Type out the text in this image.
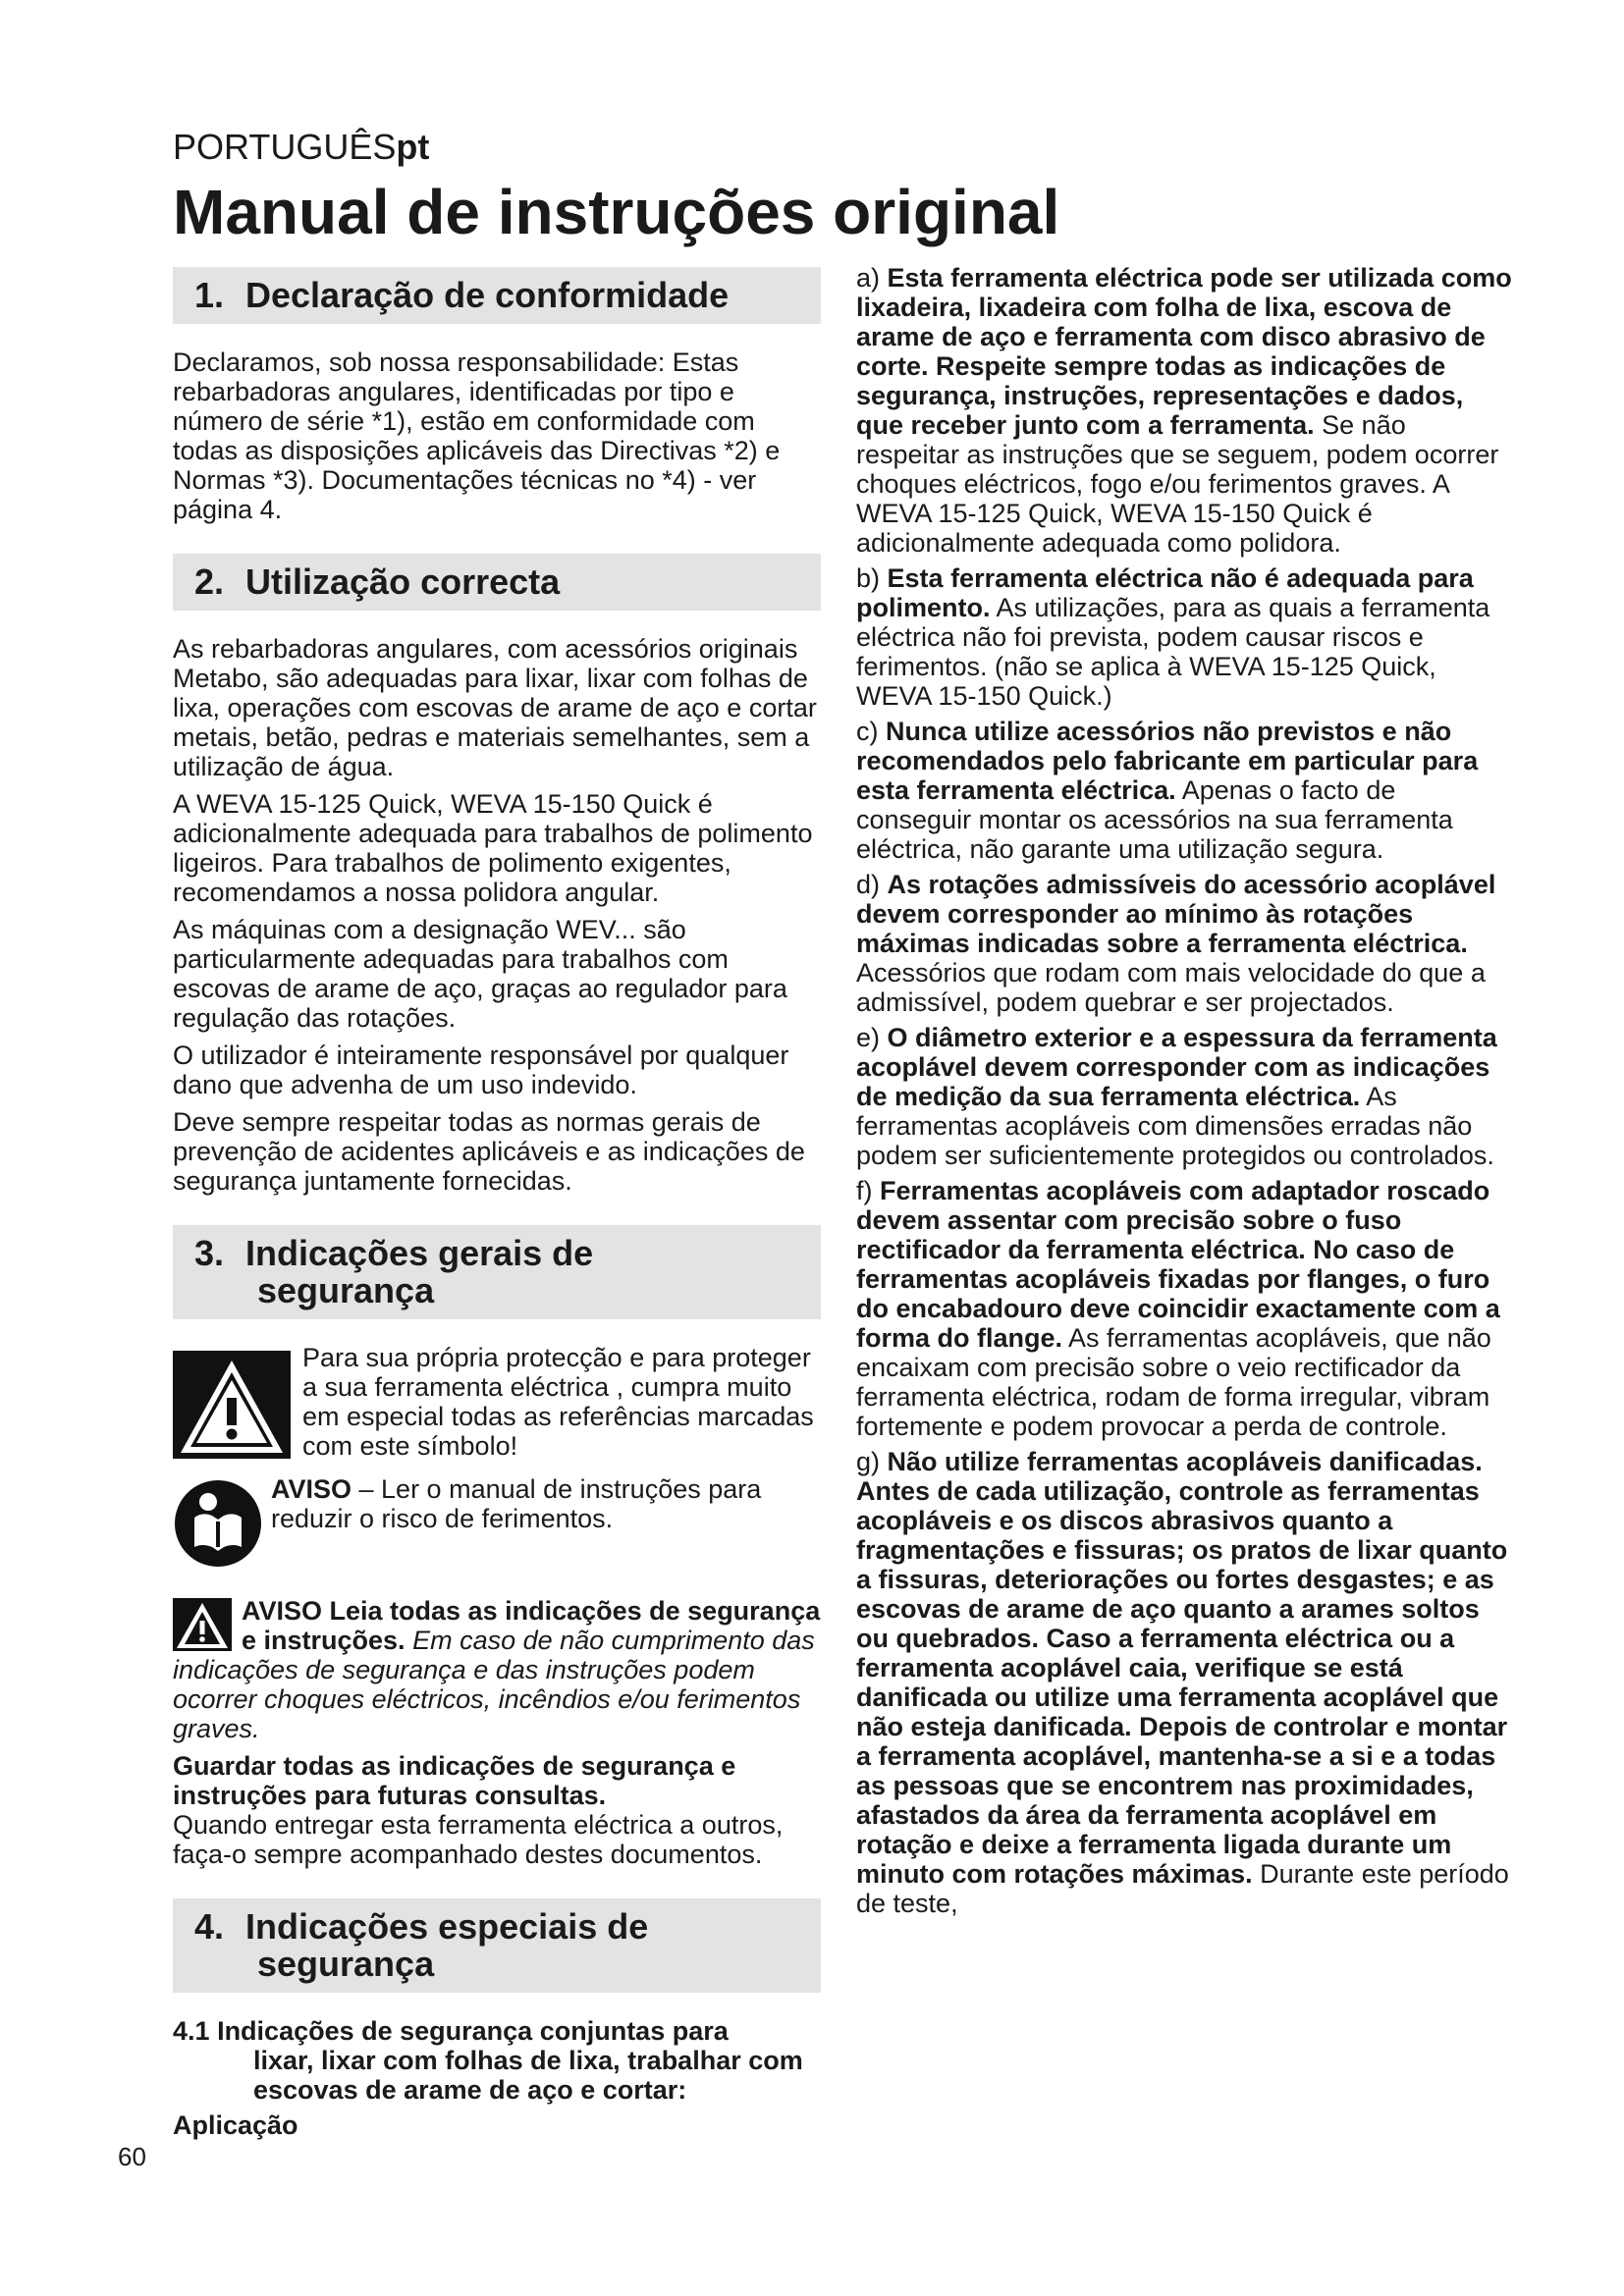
PORTUGUÊSpt
Manual de instruções original
1. Declaração de conformidade

Declaramos, sob nossa responsabilidade: Estas rebarbadoras angulares, identificadas por tipo e número de série *1), estão em conformidade com todas as disposições aplicáveis das Directivas *2) e Normas *3). Documentações técnicas no *4) - ver página 4.

2. Utilização correcta

As rebarbadoras angulares, com acessórios originais Metabo, são adequadas para lixar, lixar com folhas de lixa, operações com escovas de arame de aço e cortar metais, betão, pedras e materiais semelhantes, sem a utilização de água.

A WEVA 15-125 Quick, WEVA 15-150 Quick é adicionalmente adequada para trabalhos de polimento ligeiros. Para trabalhos de polimento exigentes, recomendamos a nossa polidora angular.

As máquinas com a designação WEV... são particularmente adequadas para trabalhos com escovas de arame de aço, graças ao regulador para regulação das rotações.

O utilizador é inteiramente responsável por qualquer dano que advenha de um uso indevido.

Deve sempre respeitar todas as normas gerais de prevenção de acidentes aplicáveis e as indicações de segurança juntamente fornecidas.

3. Indicações gerais de
segurança

Para sua própria protecção e para proteger a sua ferramenta eléctrica , cumpra muito em especial todas as referências marcadas com este símbolo!

AVISO – Ler o manual de instruções para reduzir o risco de ferimentos.

AVISO Leia todas as indicações de segurança e instruções. Em caso de não cumprimento das indicações de segurança e das instruções podem ocorrer choques eléctricos, incêndios e/ou ferimentos graves.

Guardar todas as indicações de segurança e instruções para futuras consultas.

Quando entregar esta ferramenta eléctrica a outros, faça-o sempre acompanhado destes documentos.

4. Indicações especiais de
segurança
4.1 Indicações de segurança conjuntas para
lixar, lixar com folhas de lixa, trabalhar com escovas de arame de aço e cortar:

Aplicação

a) Esta ferramenta eléctrica pode ser utilizada como lixadeira, lixadeira com folha de lixa, escova de arame de aço e ferramenta com disco abrasivo de corte. Respeite sempre todas as indicações de segurança, instruções, representações e dados, que receber junto com a ferramenta. Se não respeitar as instruções que se seguem, podem ocorrer choques eléctricos, fogo e/ou ferimentos graves. A WEVA 15-125 Quick, WEVA 15-150 Quick é adicionalmente adequada como polidora.

b) Esta ferramenta eléctrica não é adequada para polimento. As utilizações, para as quais a ferramenta eléctrica não foi prevista, podem causar riscos e ferimentos. (não se aplica à WEVA 15-125 Quick, WEVA 15-150 Quick.)

c) Nunca utilize acessórios não previstos e não recomendados pelo fabricante em particular para esta ferramenta eléctrica. Apenas o facto de conseguir montar os acessórios na sua ferramenta eléctrica, não garante uma utilização segura.

d) As rotações admissíveis do acessório acoplável devem corresponder ao mínimo às rotações máximas indicadas sobre a ferramenta eléctrica. Acessórios que rodam com mais velocidade do que a admissível, podem quebrar e ser projectados.

e) O diâmetro exterior e a espessura da ferramenta acoplável devem corresponder com as indicações de medição da sua ferramenta eléctrica. As ferramentas acopláveis com dimensões erradas não podem ser suficientemente protegidos ou controlados.

f) Ferramentas acopláveis com adaptador roscado devem assentar com precisão sobre o fuso rectificador da ferramenta eléctrica. No caso de ferramentas acopláveis fixadas por flanges, o furo do encabadouro deve coincidir exactamente com a forma do flange. As ferramentas acopláveis, que não encaixam com precisão sobre o veio rectificador da ferramenta eléctrica, rodam de forma irregular, vibram fortemente e podem provocar a perda de controle.

g) Não utilize ferramentas acopláveis danificadas. Antes de cada utilização, controle as ferramentas acopláveis e os discos abrasivos quanto a fragmentações e fissuras; os pratos de lixar quanto a fissuras, deteriorações ou fortes desgastes; e as escovas de arame de aço quanto a arames soltos ou quebrados. Caso a ferramenta eléctrica ou a ferramenta acoplável caia, verifique se está danificada ou utilize uma ferramenta acoplável que não esteja danificada. Depois de controlar e montar a ferramenta acoplável, mantenha-se a si e a todas as pessoas que se encontrem nas proximidades, afastados da área da ferramenta acoplável em rotação e deixe a ferramenta ligada durante um minuto com rotações máximas. Durante este período de teste,

60
